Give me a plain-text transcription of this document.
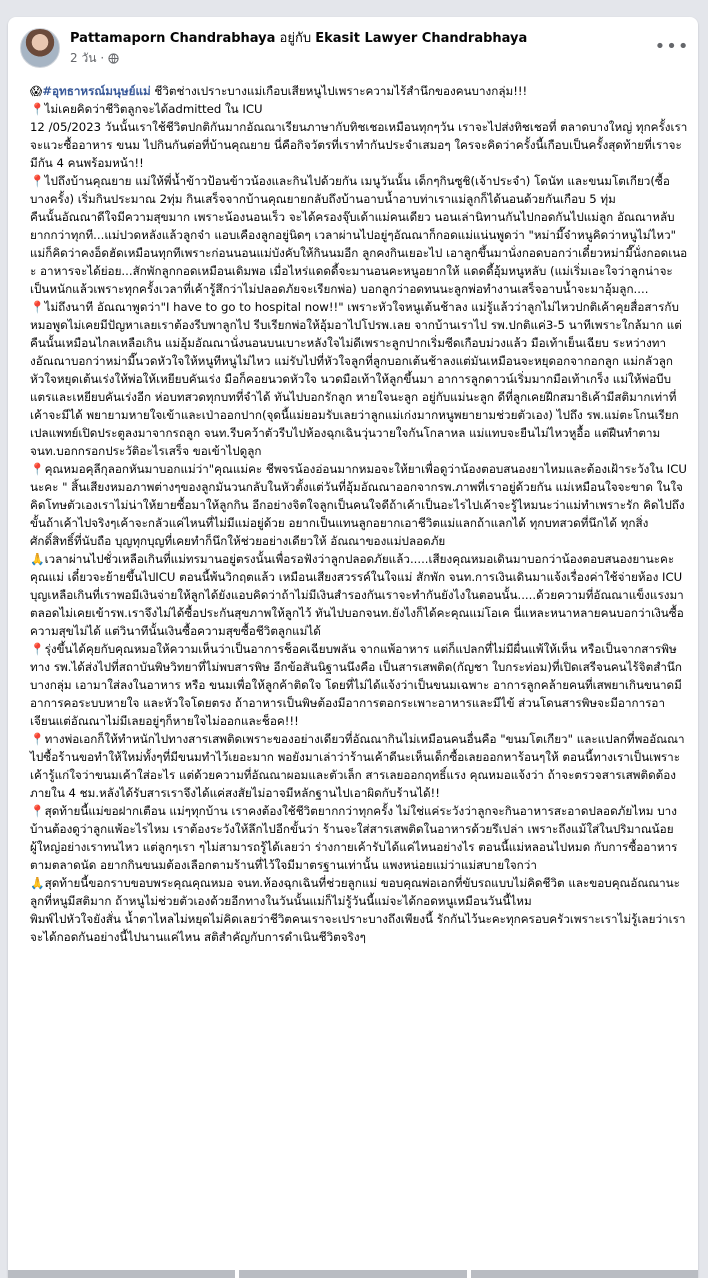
Pattamaporn Chandrabhaya อยู่กับ Ekasit Lawyer Chandrabhaya
2 วัน ·
•••

😱#อุทธาหรณ์มนุษย์แม่ ชีวิตช่างเปราะบางแม่เกือบเสียหนูไปเพราะความไร้สำนึกของคนบางกลุ่ม!!!

📍ไม่เคยคิดว่าชีวิตลูกจะได้admitted ใน ICU

12 /05/2023 วันนั้นเราใช้ชีวิตปกติกันมากอัณณาเรียนภาษากับทิชเชอเหมือนทุกๆวัน เราจะไปส่งทิชเชอที่ ตลาดบางใหญ่ ทุกครั้งเราจะแวะซื้ออาหาร ขนม ไปกินกันต่อที่บ้านคุณยาย นี่คือกิจวัตรที่เราทำกันประจำเสมอๆ ใครจะคิดว่าครั้งนี้เกือบเป็นครั้งสุดท้ายที่เราจะมีกัน 4 คนพร้อมหน้า!!

📍ไปถึงบ้านคุณยาย แม่ให้พี่น้ำข้าวป้อนข้าวน้องและกินไปด้วยกัน เมนูวันนั้น เด็กๆกินซูชิ(เจ้าประจำ) โดนัท และขนมโตเกียว(ซื้อบางครั้ง) เริ่มกินประมาณ 2ทุ่ม กินเสร็จจากบ้านคุณยายกลับถึงบ้านอาบน้ำอาบท่าเราแม่ลูกก็ได้นอนด้วยกันเกือบ 5 ทุ่ม

คืนนั้นอัณณาดีใจมีความสุขมาก เพราะน้องนอนเร็ว จะได้ครองจุ๊บเด้าแม่คนเดียว นอนเล่านิทานกันไปกอดกันไปแม่ลูก อัณณาหลับยากกว่าทุกที...แม่ปวดหลังแล้วลูกจ๋า แอบเคืองลูกอยู่นิดๆ เวลาผ่านไปอยู่ๆอัณณาก็กอดแม่แน่นพูดว่า "หม่ามี๊จ๋าหนูคิดว่าหนูไม่ไหว" แม่ก็คิดว่าคงอ็ดฮัดเหมือนทุกทีเพราะก่อนนอนแม่บังคับให้กินนมอีก ลูกคงกินเยอะไป เอาลูกขึ้นมานั่งกอดบอกว่าเดี๋ยวหม่ามี๊นั่งกอดเนอะ อาหารจะได้ย่อย...สักพักลูกกอดเหมือนเดิมพอ เมื่อไหร่แดดดี้จะมานอนคะหนูอยากให้ แดดดี้อุ้มหนูหลับ (แม่เริ่มเอะใจว่าลูกน่าจะเป็นหนักแล้วเพราะทุกครั้งเวลาที่เค้ารู้สึกว่าไม่ปลอดภัยจะเรียกพ่อ) บอกลูกว่าอดทนนะลูกพ่อทำงานเสร็จอาบน้ำจะมาอุ้มลูก....

📍ไม่ถึงนาที อัณณาพูดว่า"I have to go to hospital now!!" เพราะหัวใจหนูเต้นช้าลง แม่รู้แล้วว่าลูกไม่ไหวปกติเค้าคุยสื่อสารกับหมอพูดไม่เคยมีปัญหาเลยเราต้องรีบพาลูกไป รีบเรียกพ่อให้อุ้มอาไปโปรพ.เลย จากบ้านเราไป รพ.ปกติแค่3-5 นาทีเพราะใกล้มาก แต่คืนนั้นเหมือนไกลเหลือเกิน แม่อุ้มอัณณานั่งนอนบนเบาะหลังใจไม่ดีเพราะลูกปากเริ่มซีดเกือบม่วงแล้ว มือเท้าเย็นเฉียบ ระหว่างทางอัณณาบอกว่าหม่ามี๊นวดหัวใจให้หนูทีหนูไม่ไหว แม่รับไปที่หัวใจลูกที่ลูกบอกเต้นช้าลงแต่มันเหมือนจะหยุดอกจากอกลูก แม่กลัวลูกหัวใจหยุดเต้นเร่งให้พ่อให้เหยียบคันเร่ง มือก็คอยนวดหัวใจ นวดมือเท้าให้ลูกขึ้นมา อาการลูกดาวน์เริ่มมากมือเท้าเกร็ง แม่ให้พ่อบีบแตรและเหยียบคันเร่งอีก ห่อบทสวดทุกบทที่จำได้ ทันไปบอกรักลูก หายใจนะลูก อยู่กับแม่นะลูก ดีที่ลูกเคยฝึกสมาธิเค้ามีสติมากเท่าที่เค้าจะมีได้ พยายามหายใจเข้าและเป่าออกปาก(จุดนี้แม่ยอมรับเลยว่าลูกแม่เก่งมากหนูพยายามช่วยตัวเอง) ไปถึง รพ.แม่ตะโกนเรียกเปลแพทย์เปิดประตูลงมาจากรถลูก จนท.รีบคว้าตัวรีบไปห้องฉุกเฉินวุ่นวายใจกันโกลาหล แม่แทบจะยืนไม่ไหวหูอื้อ แต่ฝืนทำตามจนท.บอกกรอกประวัติอะไรเสร็จ ขอเข้าไปดูลูก

📍คุณหมอคุลีกุลอกหันมาบอกแม่ว่า"คุณแม่คะ ชีพจรน้องอ่อนมากหมอจะให้ยาเพื่อดูว่าน้องตอบสนองยาไหมและต้องเฝ้าระวังใน ICU นะคะ " สิ้นเสียงหมอภาพต่างๆของลูกมันวนกลับในหัวตั้งแต่วันที่อุ้มอัณณาออกจากรพ.ภาพที่เราอยู่ด้วยกัน แม่เหมือนใจจะขาด ในใจคิดโทษตัวเองเราไม่น่าให้ยายซื้อมาให้ลูกกิน อีกอย่างจิตใจลูกเป็นคนใจดีถ้าเค้าเป็นอะไรไปเค้าจะรู้ไหมนะว่าแม่ทำเพราะรัก คิดไปถึงขั้นถ้าเค้าไปจริงๆเค้าจะกลัวแค่ไหนที่ไม่มีแม่อยู่ด้วย อยากเป็นแทนลูกอยากเอาชีวิตแม่แลกถ้าแลกได้ ทุกบทสวดที่นึกได้ ทุกสิ่งศักดิ์สิทธิ์ที่นับถือ บุญทุกบุญที่เคยทำก็นึกให้ช่วยอย่างเดียวให้ อัณณาของแม่ปลอดภัย

🙏เวลาผ่านไปชั่วเหลือเกินที่แม่ทรมานอยู่ตรงนั้นเพื่อรอฟังว่าลูกปลอดภัยแล้ว.....เสียงคุณหมอเดินมาบอกว่าน้องตอบสนองยานะคะคุณแม่ เดี๋ยวจะย้ายขึ้นไปICU ตอนนี้พ้นวิกฤตแล้ว เหมือนเสียงสวรรค์ในใจแม่ สักพัก จนท.การเงินเดินมาแจ้งเรื่องค่าใช้จ่ายห้อง ICU บุญเหลือเกินที่เราพอมีเงินจ่ายให้ลูกได้ยังแอบคิดว่าถ้าไม่มีเงินสำรองกันเราจะทำกันยังไงในตอนนั้น.....ด้วยความที่อัณณาแข็งแรงมาตลอดไม่เคยเข้ารพ.เราจึงไม่ได้ซื้อประกันสุขภาพให้ลูกไว้ ทันไปบอกจนท.ยังไงก็ได้คะคุณแม่โอเค นี่แหละหนาหลายคนบอกว่าเงินซื้อความสุขไม่ได้ แต่วินาทีนั้นเงินซื้อความสุขซื้อชีวิตลูกแม่ได้

📍รุ่งขึ้นได้คุยกับคุณหมอให้ความเห็นว่าเป็นอาการช็อคเฉียบพลัน จากแพ้อาหาร แต่ก็แปลกที่ไม่มีผื่นแพ้ให้เห็น หรือเป็นจากสารพิษทาง รพ.ได้ส่งไปที่สถาบันพิษวิทยาที่ไม่พบสารพิษ อีกข้อสันนิฐานนึงคือ เป็นสารเสพติด(กัญชา ใบกระท่อม)ที่เปิดเสรีจนคนไร้จิตสำนึกบางกลุ่ม เอามาใส่ลงในอาหาร หรือ ขนมเพื่อให้ลูกค้าติดใจ โดยที่ไม่ได้แจ้งว่าเป็นขนมเฉพาะ อาการลูกคล้ายคนที่เสพยาเกินขนาดมีอาการคอระบบหายใจ และหัวใจโดยตรง ถ้าอาหารเป็นพิษต้องมีอาการตอกระเพาะอาหารและมีไข้ ส่วนโดนสารพิษจะมีอาการอาเจียนแต่อัณณาไม่มีเลยอยู่ๆก็หายใจไม่ออกและช็อค!!!

📍ทางพ่อเอกก็ให้ทำหนักไปทางสารเสพติดเพราะของอย่างเดียวที่อัณณากินไม่เหมือนคนอื่นคือ "ขนมโตเกียว" และแปลกที่พออัณณาไปซื้อร้านขอทำให้ใหม่ทั้งๆที่มีขนมทำไว้เยอะมาก พอยังมาเล่าว่าร้านเค้าดีนะเห็นเด็กซื้อเลยออกหาร้อนๆให้ ตอนนี้ทางเราเป็นเพราะเค้ารู้แก่ใจว่าขนมเค้าใส่อะไร แต่ด้วยความที่อัณณาผอมและตัวเล็ก สารเลยออกฤทธิ์แรง คุณหมอแจ้งว่า ถ้าจะตรวจสารเสพติดต้องภายใน 4 ชม.หลังได้รับสารเราจึงได้แค่สงสัยไม่อาจมีหลักฐานไปเอาผิดกับร้านได้!!

📍สุดท้ายนี้แม่ขอฝากเตือน แม่ๆทุกบ้าน เราคงต้องใช้ชีวิตยากกว่าทุกครั้ง ไม่ใช่แค่ระวังว่าลูกจะกินอาหารสะอาดปลอดภัยไหม บางบ้านต้องดูว่าลูกแพ้อะไรไหม เราต้องระวังให้ลึกไปอีกขั้นว่า ร้านจะใส่สารเสพติดในอาหารด้วยรึเปล่า เพราะถึงแม้ใส่ในปริมาณน้อย ผู้ใหญ่อย่างเราทนไหว แต่ลูกๆเรา ๆไม่สามารถรู้ได้เลยว่า ร่างกายเค้ารับได้แค่ไหนอย่างไร ตอนนี้แม่หลอนไปหมด กับการซื้ออาหาร ตามตลาดนัด อยากกินขนมต้องเลือกตามร้านที่ไว้ใจมีมาตรฐานเท่านั้น แพงหน่อยแม่ว่าแม่สบายใจกว่า

🙏สุดท้ายนี้ขอกราบขอบพระคุณคุณหมอ จนท.ห้องฉุกเฉินที่ช่วยลูกแม่ ขอบคุณพ่อเอกที่ขับรถแบบไม่คิดชีวิต และขอบคุณอัณณานะลูกที่หนูมีสติมาก ถ้าหนูไม่ช่วยตัวเองด้วยอีกทางในวันนั้นแม่ก็ไม่รู้วันนี้แม่จะได้กอดหนูเหมือนวันนี้ไหม

พิมพ์ไปหัวใจยังสั่น น้ำตาไหลไม่หยุดไม่คิดเลยว่าชีวิตคนเราจะเปราะบางถึงเพียงนี้ รักกันไว้นะคะทุกครอบครัวเพราะเราไม่รู้เลยว่าเราจะได้กอดกันอย่างนี้ไปนานแค่ไหน สติสำคัญกับการดำเนินชีวิตจริงๆ
